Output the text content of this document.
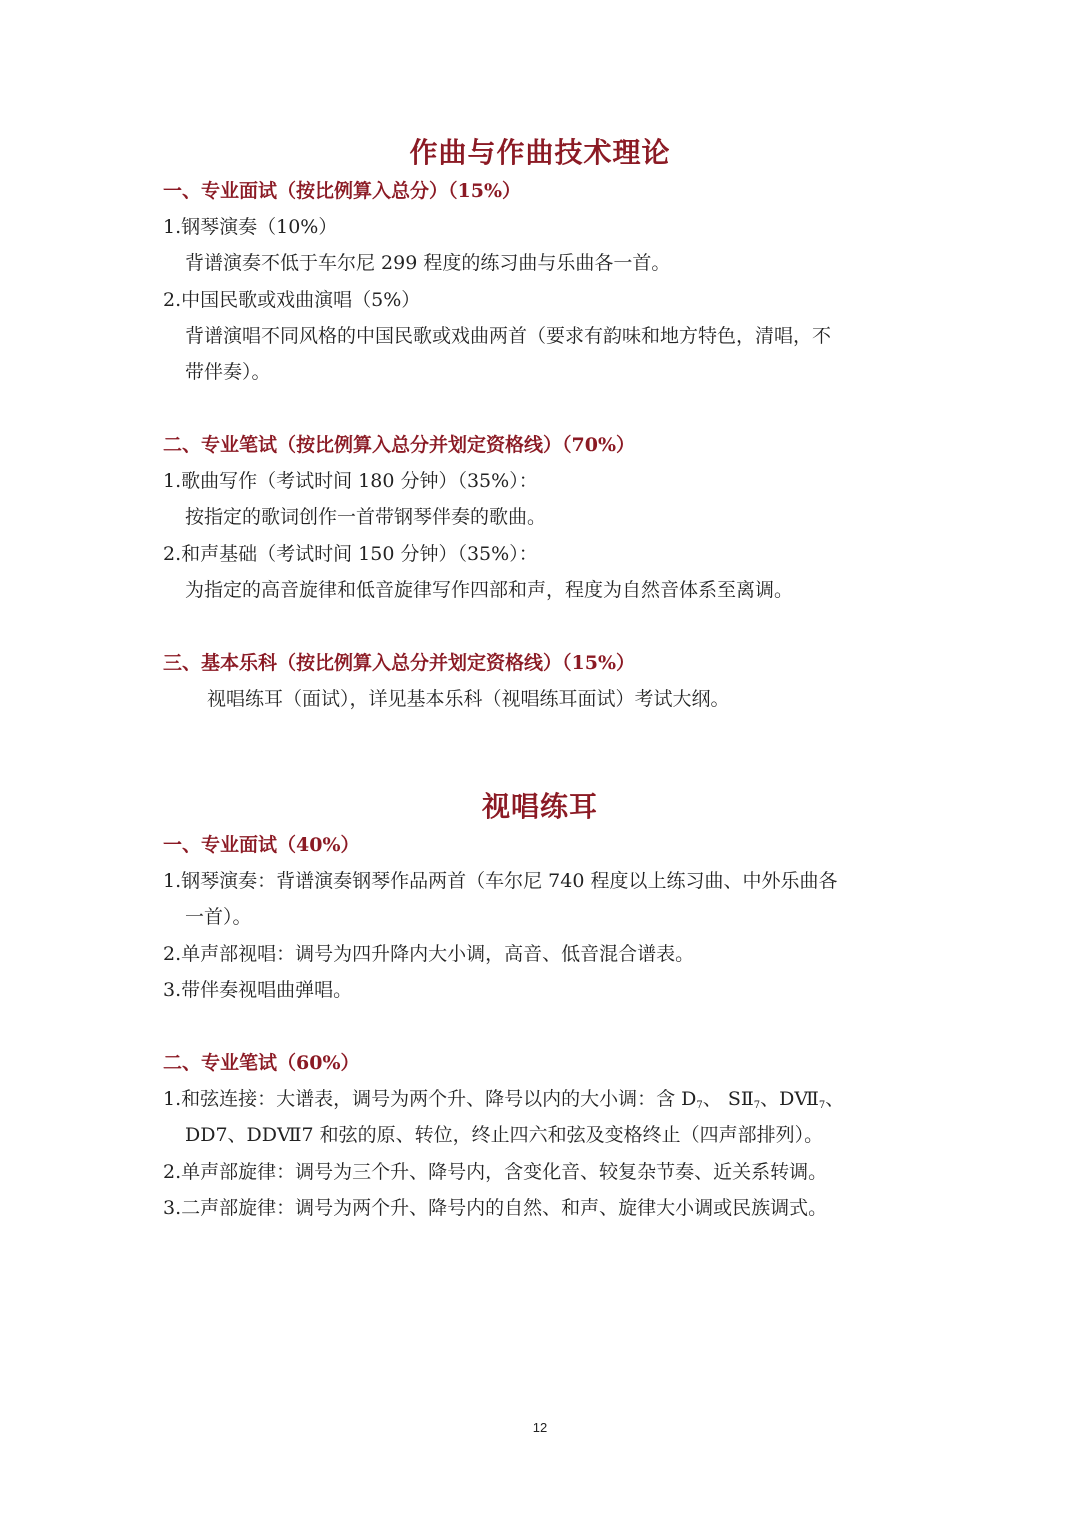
作曲与作曲技术理论
一、专业面试（按比例算入总分）（15%）
1.钢琴演奏（10%）
背谱演奏不低于车尔尼 299 程度的练习曲与乐曲各一首。
2.中国民歌或戏曲演唱（5%）
背谱演唱不同风格的中国民歌或戏曲两首（要求有韵味和地方特色，清唱，不
带伴奏）。
二、专业笔试（按比例算入总分并划定资格线）（70%）
1.歌曲写作（考试时间 180 分钟）（35%）：
按指定的歌词创作一首带钢琴伴奏的歌曲。
2.和声基础（考试时间 150 分钟）（35%）：
为指定的高音旋律和低音旋律写作四部和声，程度为自然音体系至离调。
三、基本乐科（按比例算入总分并划定资格线）（15%）
视唱练耳（面试），详见基本乐科（视唱练耳面试）考试大纲。
视唱练耳
一、专业面试（40%）
1.钢琴演奏：背谱演奏钢琴作品两首（车尔尼 740 程度以上练习曲、中外乐曲各
一首）。
2.单声部视唱：调号为四升降内大小调，高音、低音混合谱表。
3.带伴奏视唱曲弹唱。
二、专业笔试（60%）
1.和弦连接：大谱表，调号为两个升、降号以内的大小调：含 $D_7$、 $SⅡ_7$、$DⅦ_7$、
DD7、DDⅦ7 和弦的原、转位，终止四六和弦及变格终止（四声部排列）。
2.单声部旋律：调号为三个升、降号内，含变化音、较复杂节奏、近关系转调。
3.二声部旋律：调号为两个升、降号内的自然、和声、旋律大小调或民族调式。
12
